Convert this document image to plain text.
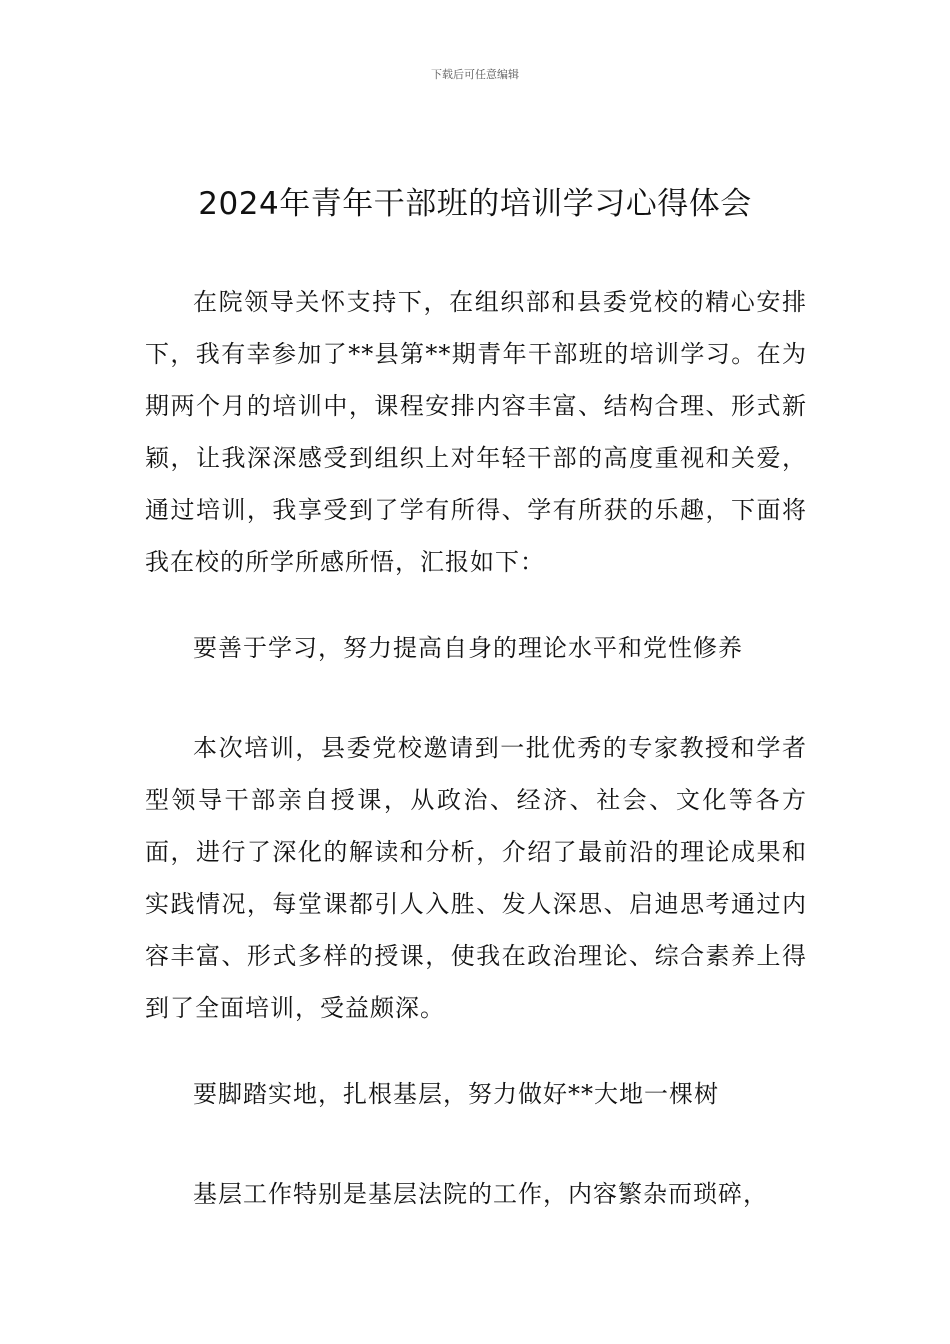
下载后可任意编辑
2024年青年干部班的培训学习心得体会

在院领导关怀支持下，在组织部和县委党校的精心安排下，我有幸参加了**县第**期青年干部班的培训学习。在为期两个月的培训中，课程安排内容丰富、结构合理、形式新颖，让我深深感受到组织上对年轻干部的高度重视和关爱，通过培训，我享受到了学有所得、学有所获的乐趣，下面将我在校的所学所感所悟，汇报如下：

要善于学习，努力提高自身的理论水平和党性修养

本次培训，县委党校邀请到一批优秀的专家教授和学者型领导干部亲自授课，从政治、经济、社会、文化等各方面，进行了深化的解读和分析，介绍了最前沿的理论成果和实践情况，每堂课都引人入胜、发人深思、启迪思考通过内容丰富、形式多样的授课，使我在政治理论、综合素养上得到了全面培训，受益颇深。

要脚踏实地，扎根基层，努力做好**大地一棵树

基层工作特别是基层法院的工作，内容繁杂而琐碎，
